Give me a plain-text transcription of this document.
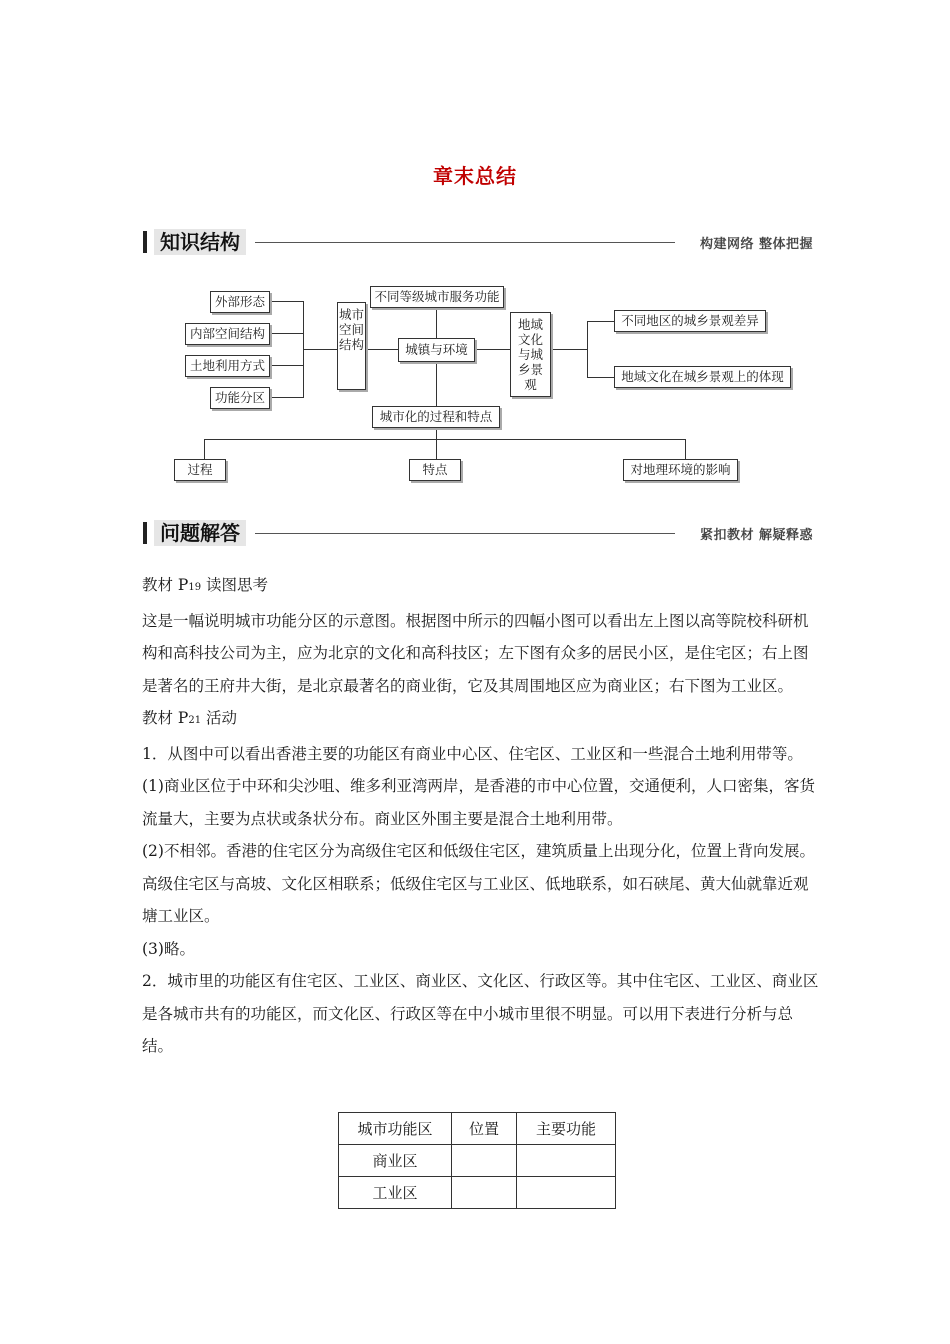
章末总结
知识结构	构建网络 整体把握
外部形态
内部空间结构
土地利用方式
功能分区
城市空间结构
不同等级城市服务功能
城镇与环境
地域文化与城乡景观
不同地区的城乡景观差异
地域文化在城乡景观上的体现
城市化的过程和特点
过程	特点	对地理环境的影响
问题解答	紧扣教材 解疑释惑

教材 P19 读图思考

这是一幅说明城市功能分区的示意图。根据图中所示的四幅小图可以看出左上图以高等院校科研机构和高科技公司为主，应为北京的文化和高科技区；左下图有众多的居民小区，是住宅区；右上图是著名的王府井大街，是北京最著名的商业街，它及其周围地区应为商业区；右下图为工业区。

教材 P21 活动

1．从图中可以看出香港主要的功能区有商业中心区、住宅区、工业区和一些混合土地利用带等。

(1)商业区位于中环和尖沙咀、维多利亚湾两岸，是香港的市中心位置，交通便利，人口密集，客货流量大，主要为点状或条状分布。商业区外围主要是混合土地利用带。

(2)不相邻。香港的住宅区分为高级住宅区和低级住宅区，建筑质量上出现分化，位置上背向发展。高级住宅区与高坡、文化区相联系；低级住宅区与工业区、低地联系，如石硖尾、黄大仙就靠近观塘工业区。

(3)略。

2．城市里的功能区有住宅区、工业区、商业区、文化区、行政区等。其中住宅区、工业区、商业区是各城市共有的功能区，而文化区、行政区等在中小城市里很不明显。可以用下表进行分析与总结。

城市功能区	位置	主要功能
商业区		
工业区		
